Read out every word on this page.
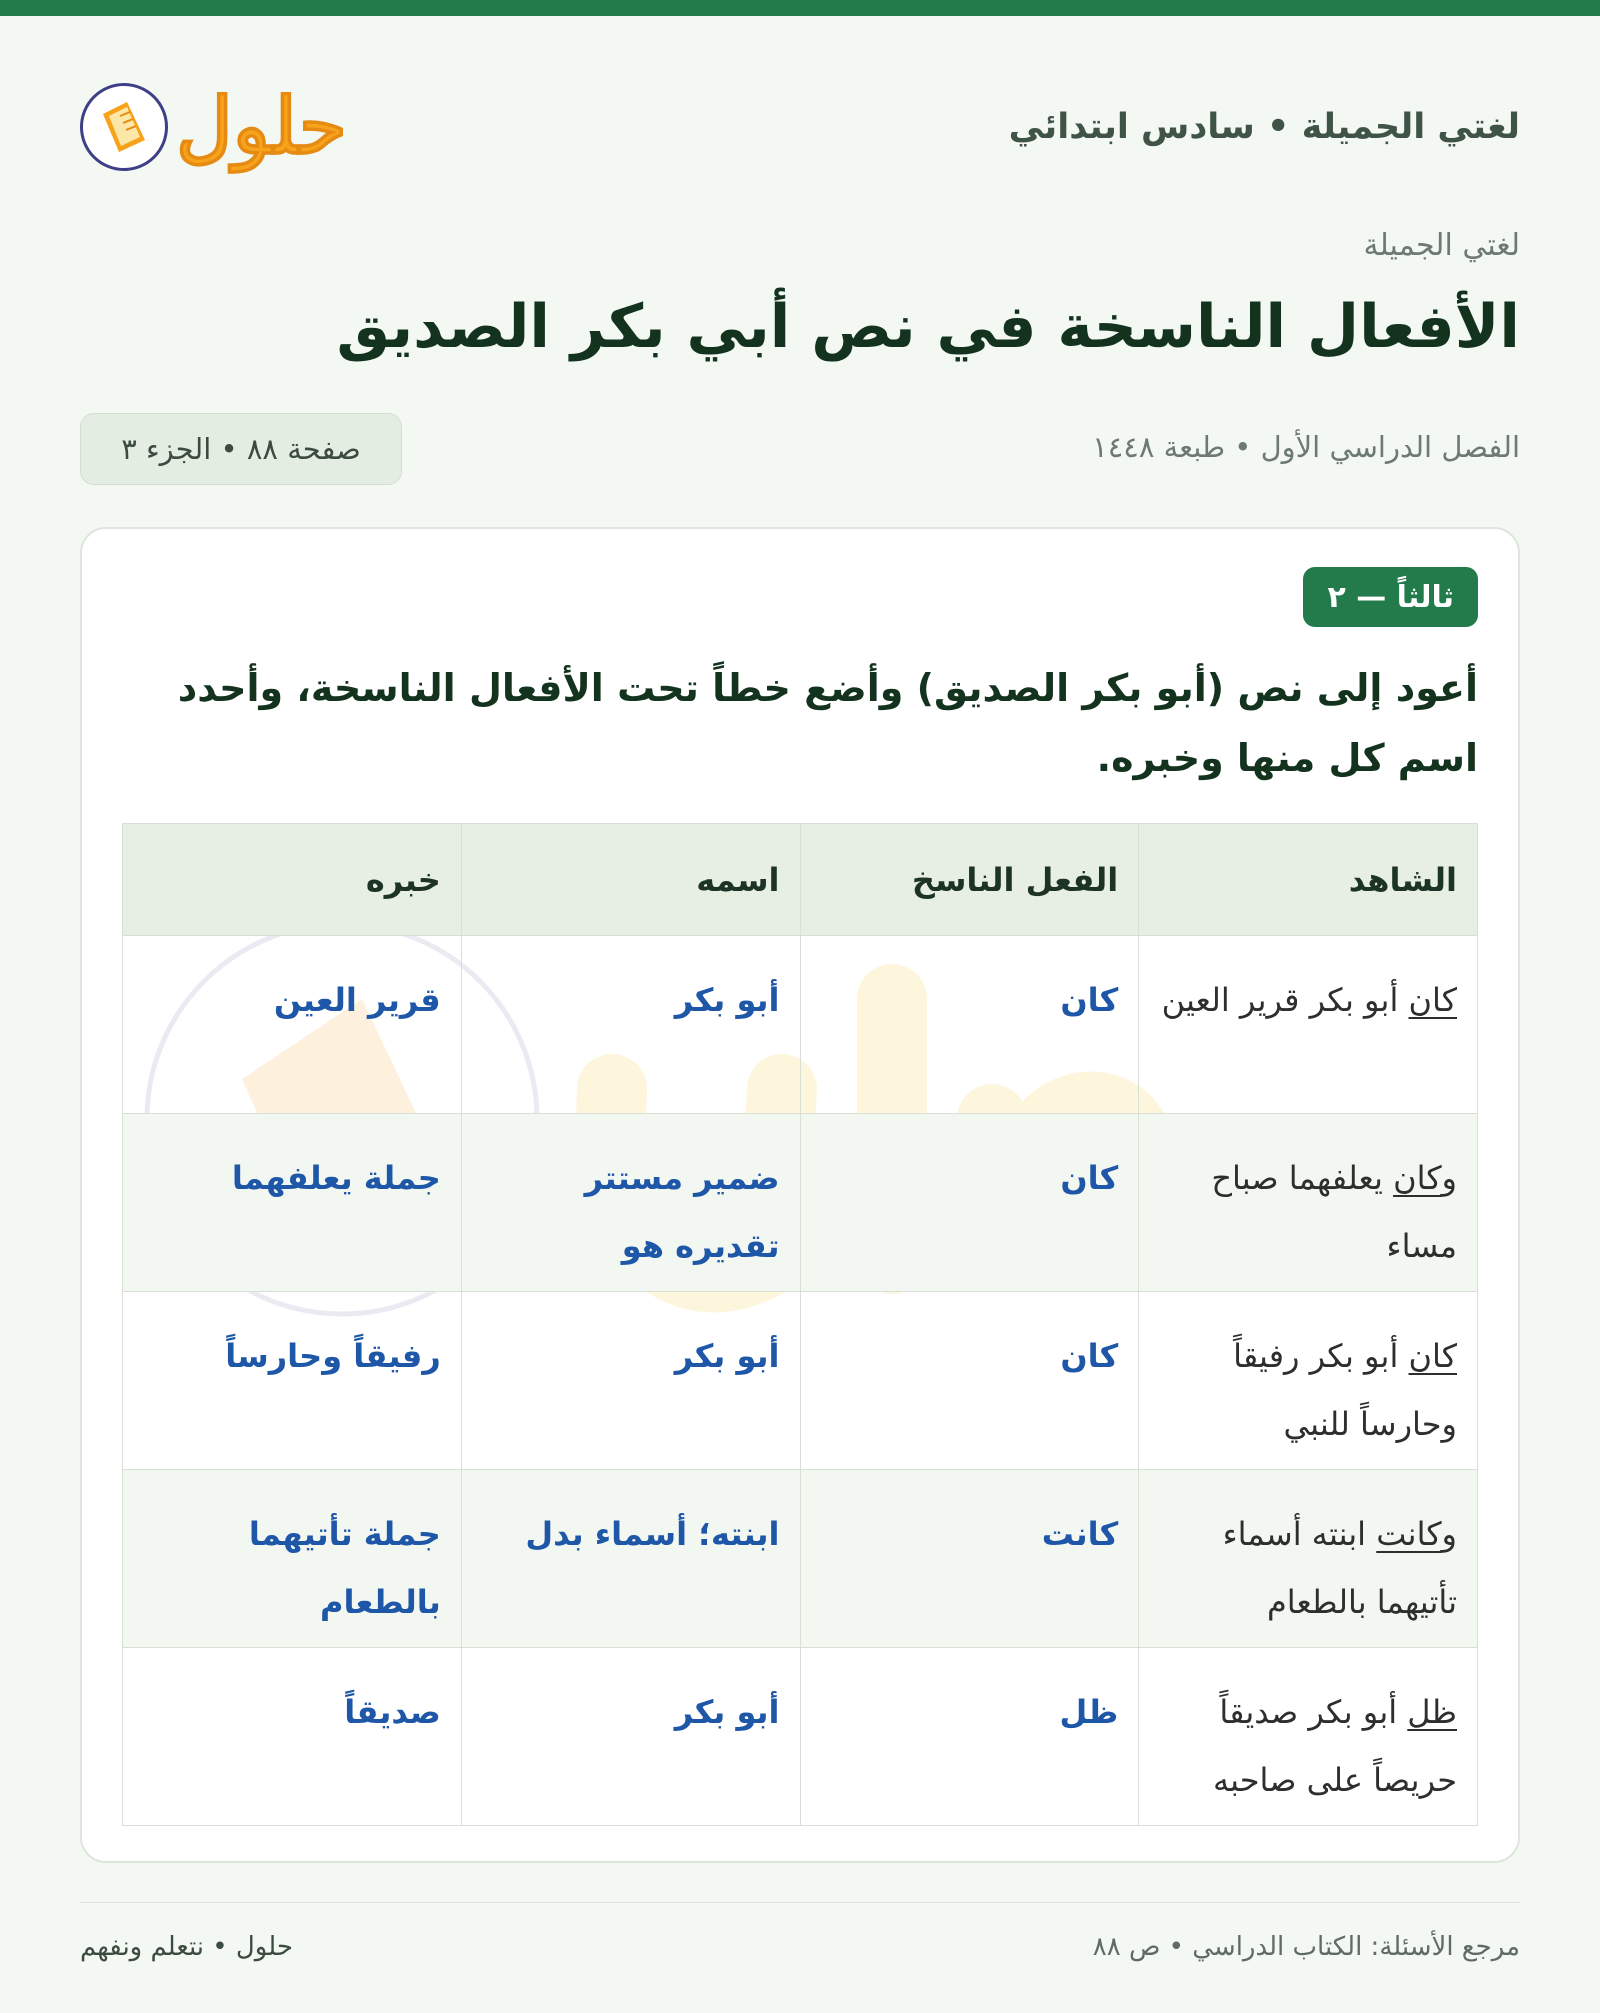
لغتي الجميلة • سادس ابتدائي
حلول
لغتي الجميلة
الأفعال الناسخة في نص أبي بكر الصديق
الفصل الدراسي الأول • طبعة ١٤٤٨
صفحة ٨٨ • الجزء ٣
ثالثاً — ٢

أعود إلى نص (أبو بكر الصديق) وأضع خطاً تحت الأفعال الناسخة، وأحدد اسم كل منها وخبره.

الشاهد	الفعل الناسخ	اسمه	خبره
كان أبو بكر قرير العين	كان	أبو بكر	قرير العين
وكان يعلفهما صباح مساء	كان	ضمير مستتر تقديره هو	جملة يعلفهما
كان أبو بكر رفيقاً وحارساً للنبي	كان	أبو بكر	رفيقاً وحارساً
وكانت ابنته أسماء تأتيهما بالطعام	كانت	ابنته؛ أسماء بدل	جملة تأتيهما بالطعام
ظل أبو بكر صديقاً حريصاً على صاحبه	ظل	أبو بكر	صديقاً
مرجع الأسئلة: الكتاب الدراسي • ص ٨٨
حلول • نتعلم ونفهم
